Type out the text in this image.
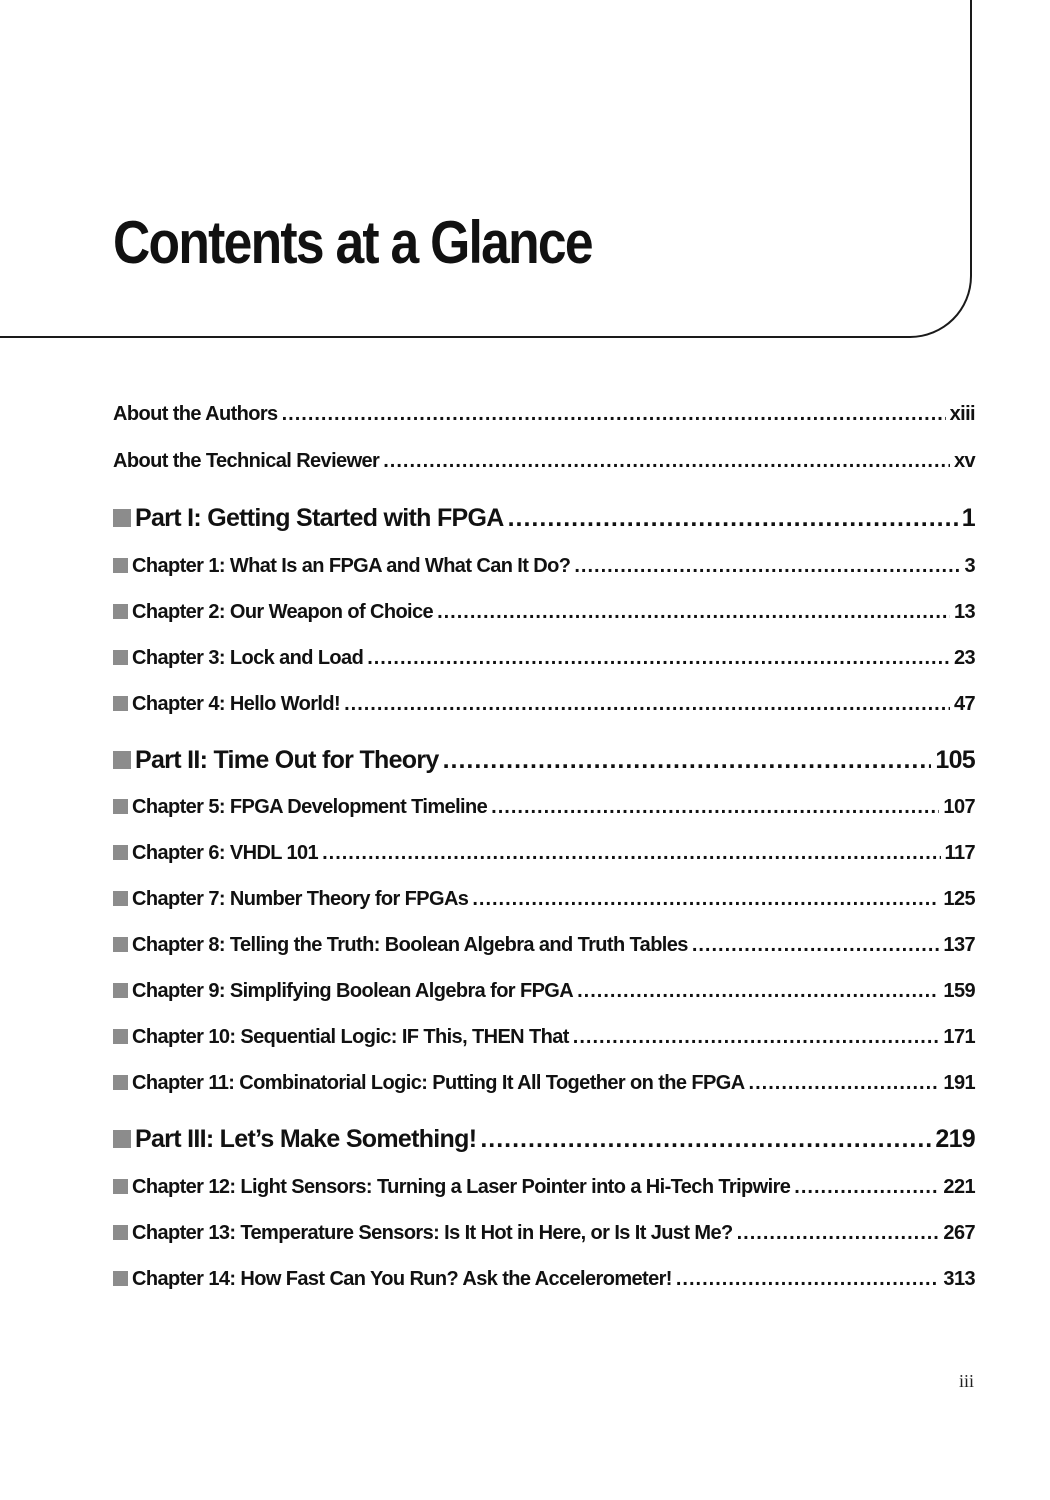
Contents at a Glance
About the Authors .....	xiii
About the Technical Reviewer .....	xv
Part I: Getting Started with FPGA .....	1
Chapter 1: What Is an FPGA and What Can It Do? .....	3
Chapter 2: Our Weapon of Choice .....	13
Chapter 3: Lock and Load .....	23
Chapter 4: Hello World! .....	47
Part II: Time Out for Theory .....	105
Chapter 5: FPGA Development Timeline .....	107
Chapter 6: VHDL 101 .....	117
Chapter 7: Number Theory for FPGAs .....	125
Chapter 8: Telling the Truth: Boolean Algebra and Truth Tables .....	137
Chapter 9: Simplifying Boolean Algebra for FPGA .....	159
Chapter 10: Sequential Logic: IF This, THEN That .....	171
Chapter 11: Combinatorial Logic: Putting It All Together on the FPGA .....	191
Part III: Let’s Make Something! .....	219
Chapter 12: Light Sensors: Turning a Laser Pointer into a Hi-Tech Tripwire .....	221
Chapter 13: Temperature Sensors: Is It Hot in Here, or Is It Just Me? .....	267
Chapter 14: How Fast Can You Run? Ask the Accelerometer! .....	313
iii
